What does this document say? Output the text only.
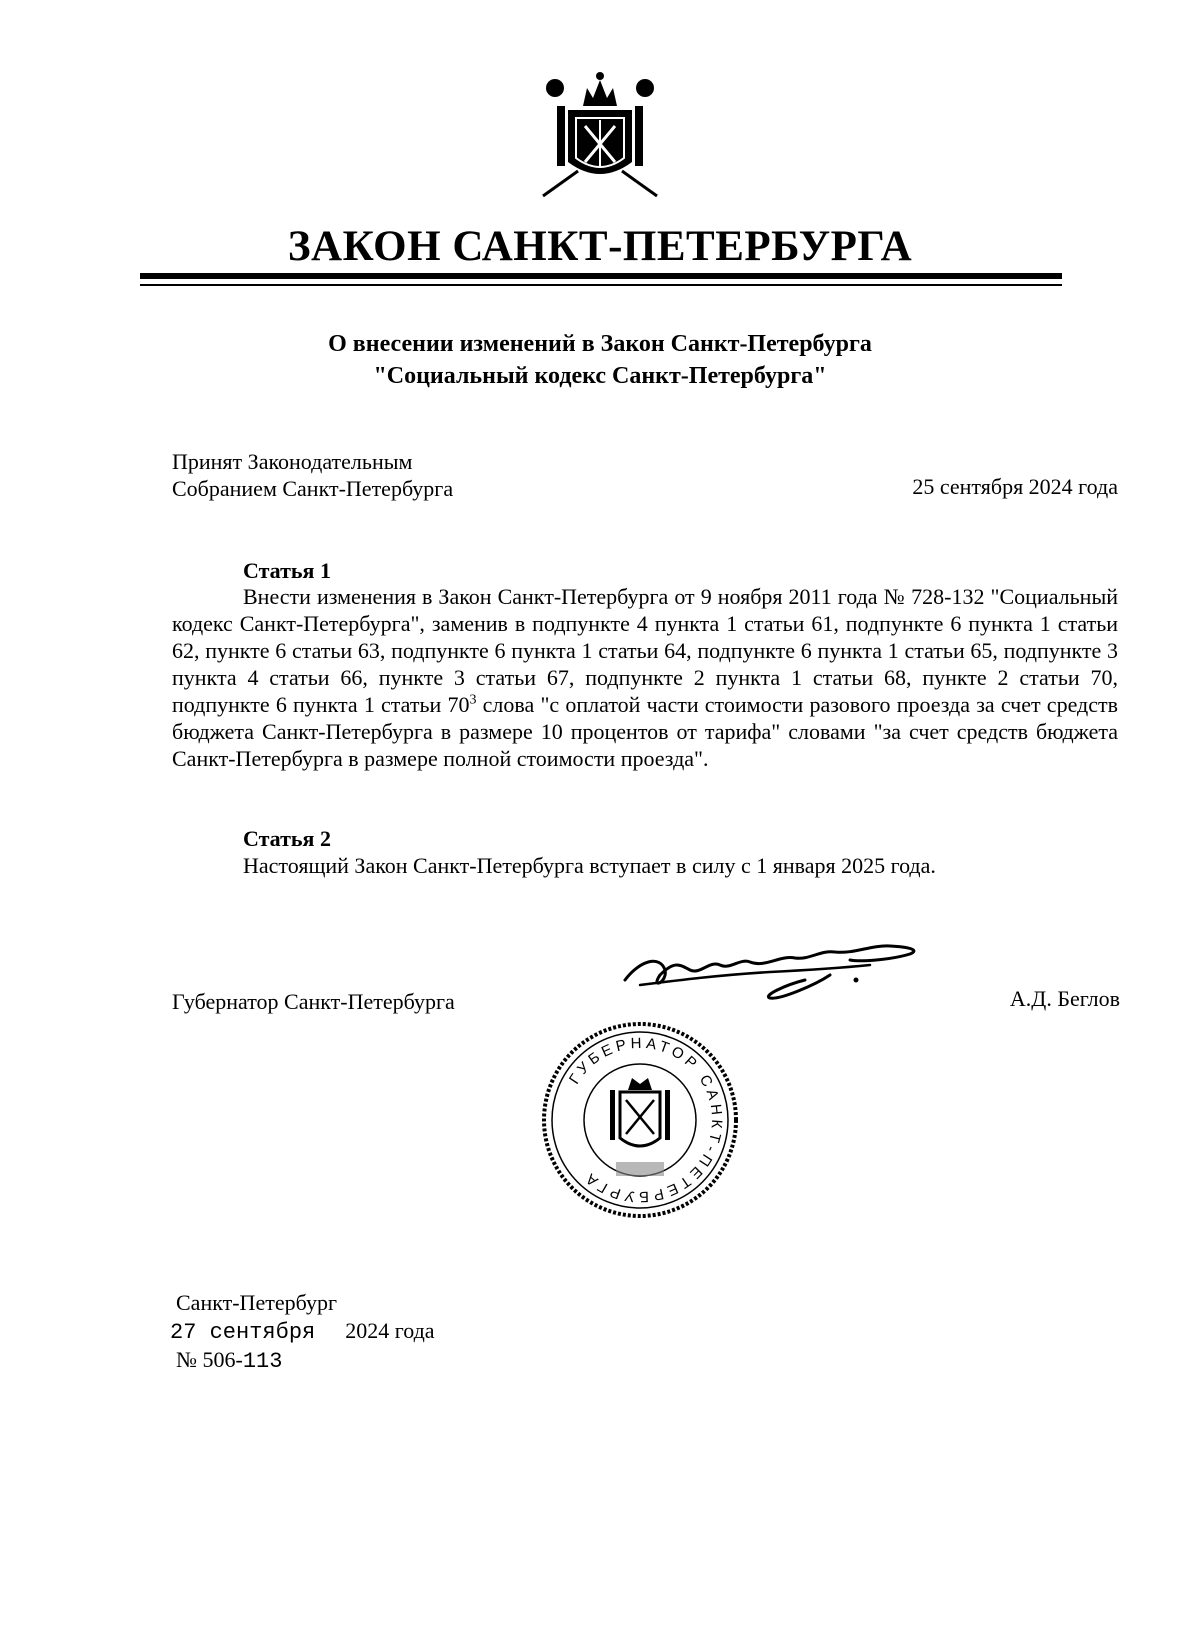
ЗАКОН САНКТ-ПЕТЕРБУРГА
О внесении изменений в Закон Санкт-Петербурга
"Социальный кодекс Санкт-Петербурга"
Принят Законодательным
Собранием Санкт-Петербурга	25 сентября 2024 года
Статья 1
Внести изменения в Закон Санкт-Петербурга от 9 ноября 2011 года № 728-132 "Социальный кодекс Санкт-Петербурга", заменив в подпункте 4 пункта 1 статьи 61, подпункте 6 пункта 1 статьи 62, пункте 6 статьи 63, подпункте 6 пункта 1 статьи 64, подпункте 6 пункта 1 статьи 65, подпункте 3 пункта 4 статьи 66, пункте 3 статьи 67, подпункте 2 пункта 1 статьи 68, пункте 2 статьи 70, подпункте 6 пункта 1 статьи $70^3$ слова "с оплатой части стоимости разового проезда за счет средств бюджета Санкт-Петербурга в размере 10 процентов от тарифа" словами "за счет средств бюджета Санкт-Петербурга в размере полной стоимости проезда".
Статья 2
Настоящий Закон Санкт-Петербурга вступает в силу с 1 января 2025 года.
Губернатор Санкт-Петербурга
ГУБЕРНАТОР САНКТ-ПЕТЕРБУРГА
А.Д. Беглов
Санкт-Петербург
27 сентября 2024 года
№ 506-113
